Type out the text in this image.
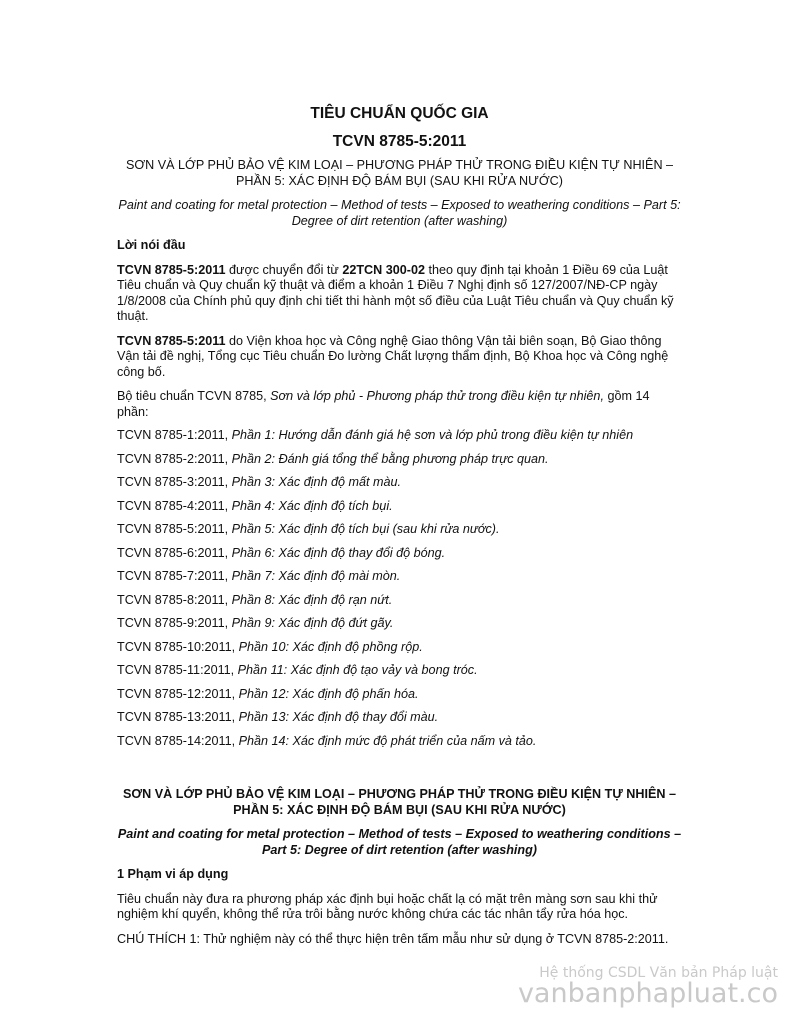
TIÊU CHUẨN QUỐC GIA
TCVN 8785-5:2011
SƠN VÀ LỚP PHỦ BẢO VỆ KIM LOẠI – PHƯƠNG PHÁP THỬ TRONG ĐIỀU KIỆN TỰ NHIÊN – PHẦN 5: XÁC ĐỊNH ĐỘ BÁM BỤI (SAU KHI RỬA NƯỚC)
Paint and coating for metal protection – Method of tests – Exposed to weathering conditions – Part 5: Degree of dirt retention (after washing)
Lời nói đầu

TCVN 8785-5:2011 được chuyển đổi từ 22TCN 300-02 theo quy định tại khoản 1 Điều 69 của Luật Tiêu chuẩn và Quy chuẩn kỹ thuật và điểm a khoản 1 Điều 7 Nghị định số 127/2007/NĐ-CP ngày 1/8/2008 của Chính phủ quy định chi tiết thi hành một số điều của Luật Tiêu chuẩn và Quy chuẩn kỹ thuật.

TCVN 8785-5:2011 do Viện khoa học và Công nghệ Giao thông Vận tải biên soạn, Bộ Giao thông Vận tải đề nghị, Tổng cục Tiêu chuẩn Đo lường Chất lượng thẩm định, Bộ Khoa học và Công nghệ công bố.

Bộ tiêu chuẩn TCVN 8785, Sơn và lớp phủ - Phương pháp thử trong điều kiện tự nhiên, gồm 14 phần:

TCVN 8785-1:2011, Phần 1: Hướng dẫn đánh giá hệ sơn và lớp phủ trong điều kiện tự nhiên
TCVN 8785-2:2011, Phần 2: Đánh giá tổng thể bằng phương pháp trực quan.
TCVN 8785-3:2011, Phần 3: Xác định độ mất màu.
TCVN 8785-4:2011, Phần 4: Xác định độ tích bụi.
TCVN 8785-5:2011, Phần 5: Xác định độ tích bụi (sau khi rửa nước).
TCVN 8785-6:2011, Phần 6: Xác định độ thay đổi độ bóng.
TCVN 8785-7:2011, Phần 7: Xác định độ mài mòn.
TCVN 8785-8:2011, Phần 8: Xác định độ rạn nứt.
TCVN 8785-9:2011, Phần 9: Xác định độ đứt gãy.
TCVN 8785-10:2011, Phần 10: Xác định độ phồng rộp.
TCVN 8785-11:2011, Phần 11: Xác định độ tạo vảy và bong tróc.
TCVN 8785-12:2011, Phần 12: Xác định độ phấn hóa.
TCVN 8785-13:2011, Phần 13: Xác định độ thay đổi màu.
TCVN 8785-14:2011, Phần 14: Xác định mức độ phát triển của nấm và tảo.
SƠN VÀ LỚP PHỦ BẢO VỆ KIM LOẠI – PHƯƠNG PHÁP THỬ TRONG ĐIỀU KIỆN TỰ NHIÊN – PHẦN 5: XÁC ĐỊNH ĐỘ BÁM BỤI (SAU KHI RỬA NƯỚC)
Paint and coating for metal protection – Method of tests – Exposed to weathering conditions – Part 5: Degree of dirt retention (after washing)
1 Phạm vi áp dụng

Tiêu chuẩn này đưa ra phương pháp xác định bụi hoặc chất lạ có mặt trên màng sơn sau khi thử nghiệm khí quyển, không thể rửa trôi bằng nước không chứa các tác nhân tẩy rửa hóa học.

CHÚ THÍCH 1: Thử nghiệm này có thể thực hiện trên tấm mẫu như sử dụng ở TCVN 8785-2:2011.

Hệ thống CSDL Văn bản Pháp luật
vanbanphapluat.co
